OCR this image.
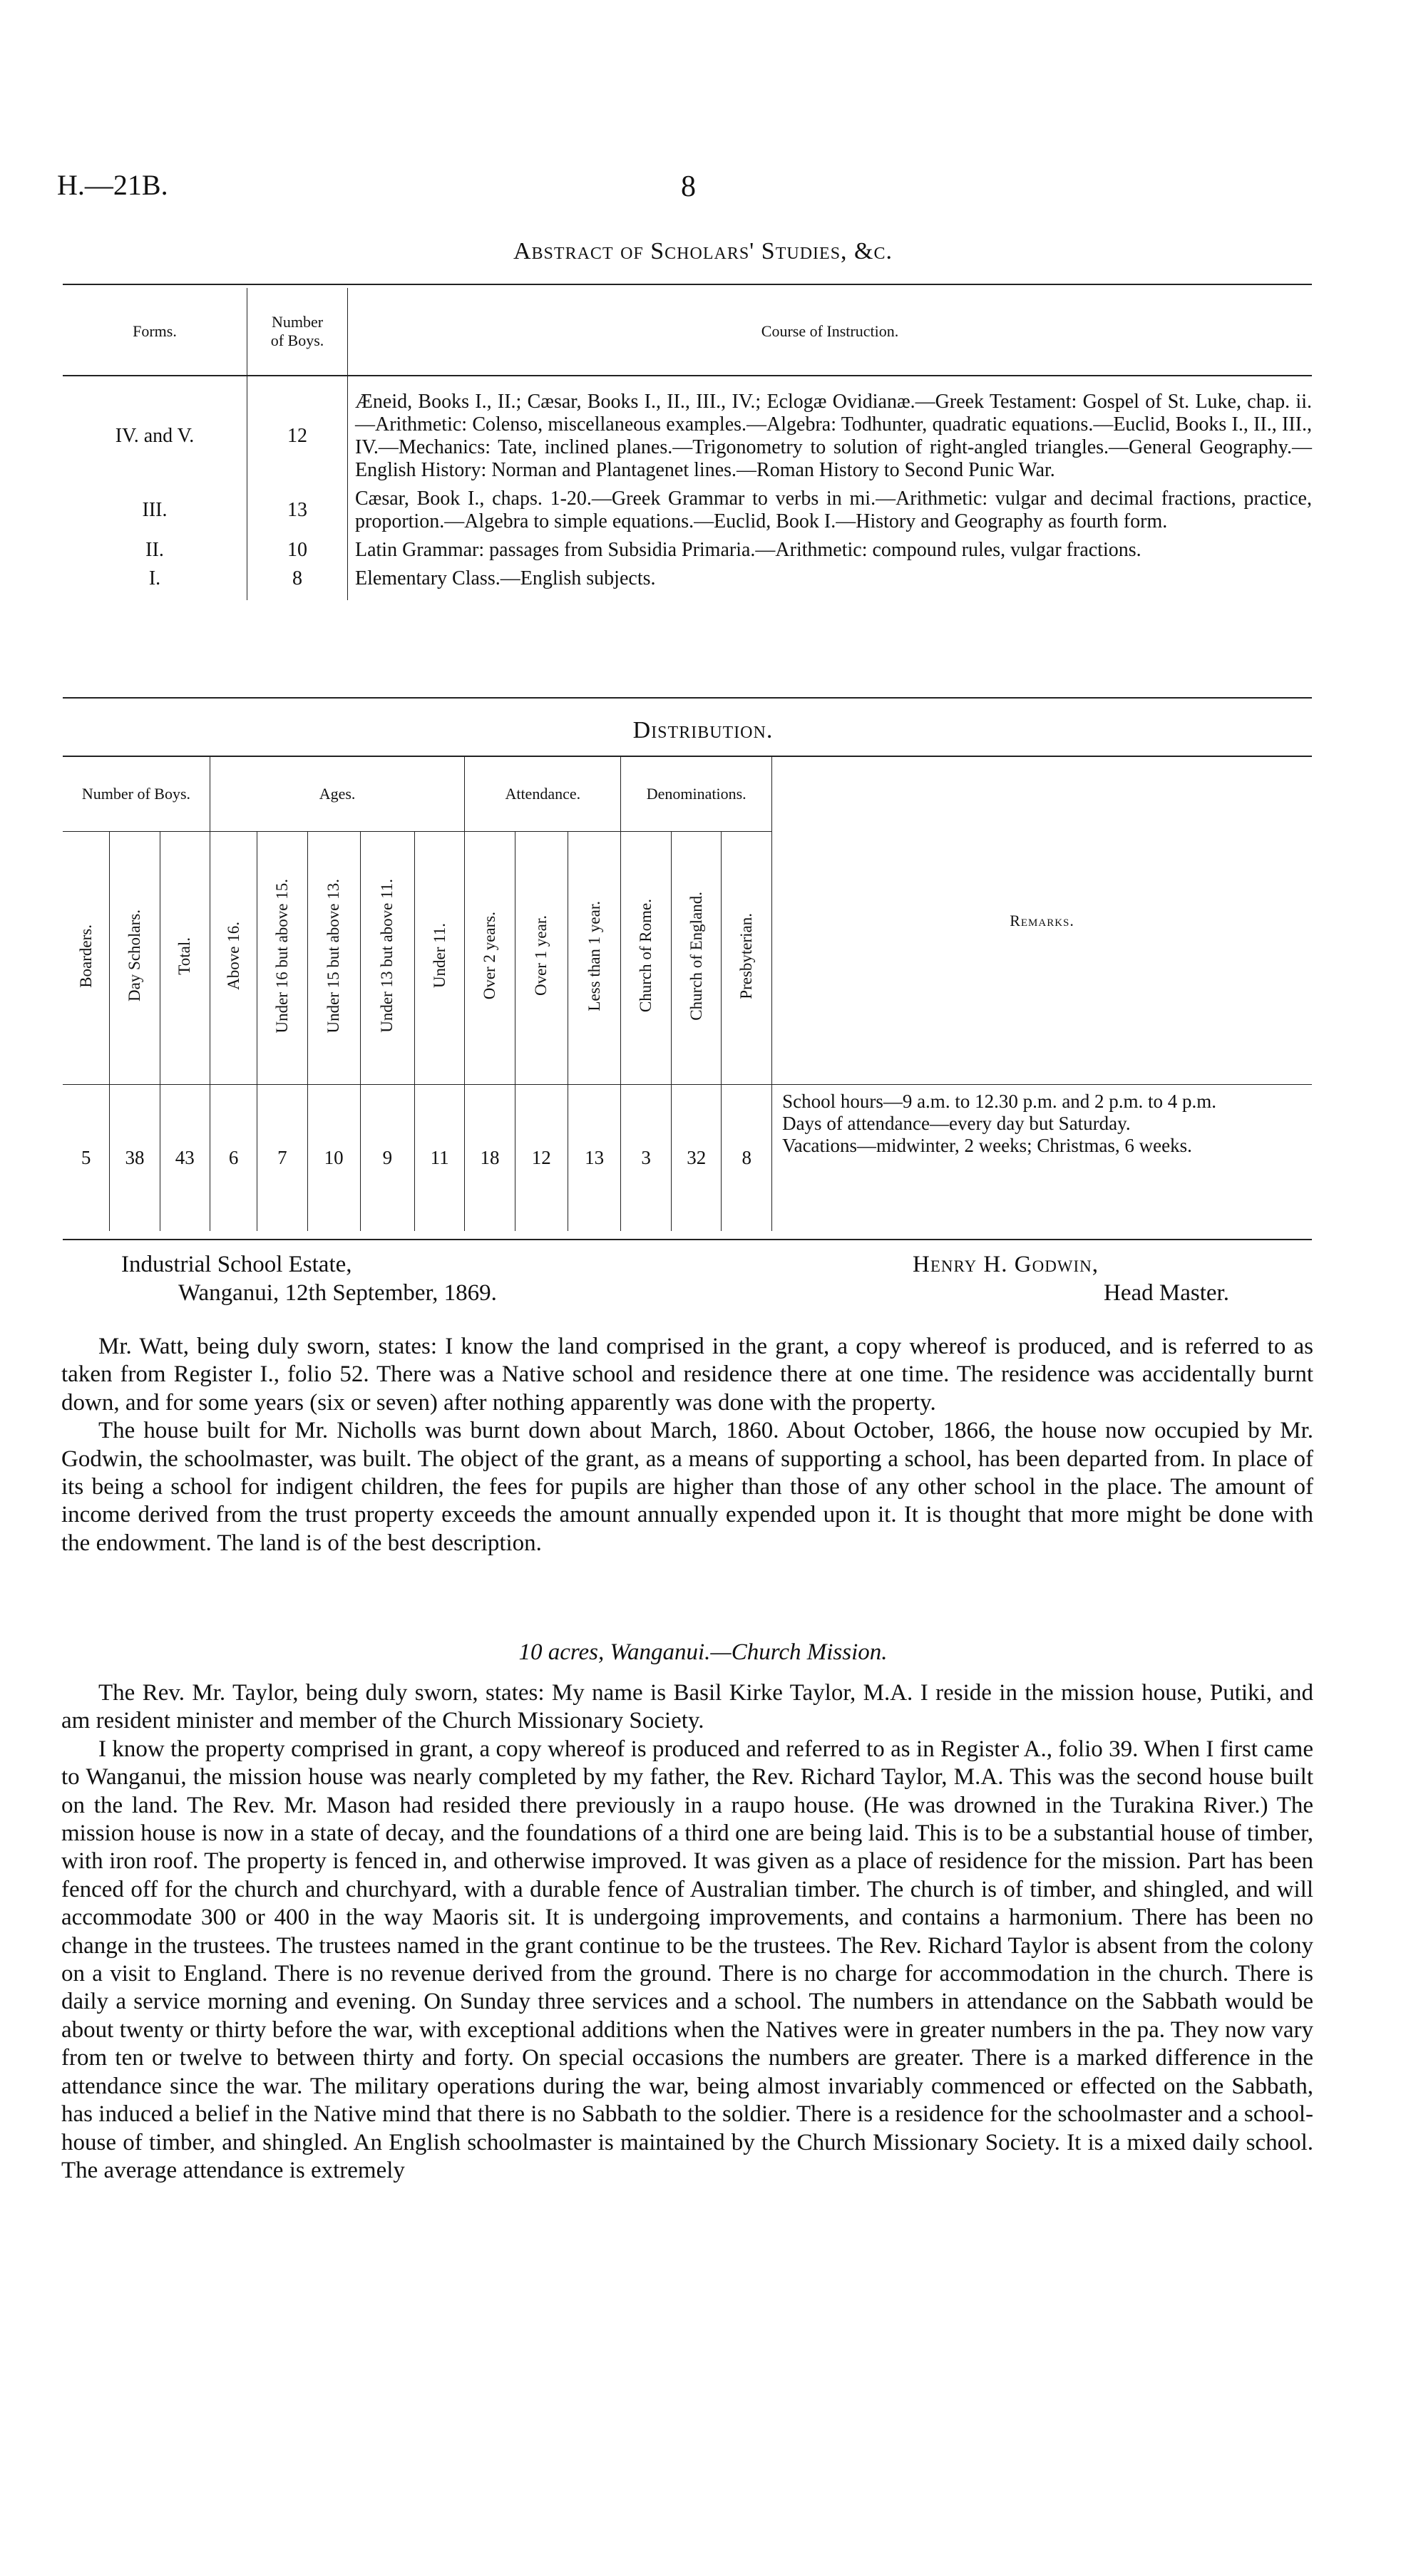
H.—21B.	8
Abstract of Scholars' Studies, &c.
Forms.	Number of Boys.	Course of Instruction.
IV. and V.	12	Æneid, Books I., II.; Cæsar, Books I., II., III., IV.; Eclogæ Ovidianæ.—Greek Testament: Gospel of St. Luke, chap. ii.—Arithmetic: Colenso, miscellaneous examples.—Algebra: Todhunter, quadratic equations.—Euclid, Books I., II., III., IV.—Mechanics: Tate, inclined planes.—Trigonometry to solution of right-angled triangles.—General Geography.—English History: Norman and Plantagenet lines.—Roman History to Second Punic War.
III.	13	Cæsar, Book I., chaps. 1-20.—Greek Grammar to verbs in mi.—Arithmetic: vulgar and decimal fractions, practice, proportion.—Algebra to simple equations.—Euclid, Book I.—History and Geography as fourth form.
II.	10	Latin Grammar: passages from Subsidia Primaria.—Arithmetic: compound rules, vulgar fractions.
I.	8	Elementary Class.—English subjects.
Distribution.
Number of Boys.			Ages.					Attendance.			Denominations.			Remarks.
Boarders.	Day Scholars.	Total.	Above 16.	Under 16 but above 15.	Under 15 but above 13.	Under 13 but above 11.	Under 11.	Over 2 years.	Over 1 year.	Less than 1 year.	Church of Rome.	Church of England.	Presbyterian.	
5	38	43	6	7	10	9	11	18	12	13	3	32	8	School hours—9 a.m. to 12.30 p.m. and 2 p.m. to 4 p.m.
Days of attendance—every day but Saturday.
Vacations—midwinter, 2 weeks; Christmas, 6 weeks.
Industrial School Estate,
Wanganui, 12th September, 1869.
Henry H. Godwin,
Head Master.

Mr. Watt, being duly sworn, states: I know the land comprised in the grant, a copy whereof is produced, and is referred to as taken from Register I., folio 52. There was a Native school and residence there at one time. The residence was accidentally burnt down, and for some years (six or seven) after nothing apparently was done with the property.

The house built for Mr. Nicholls was burnt down about March, 1860. About October, 1866, the house now occupied by Mr. Godwin, the schoolmaster, was built. The object of the grant, as a means of supporting a school, has been departed from. In place of its being a school for indigent children, the fees for pupils are higher than those of any other school in the place. The amount of income derived from the trust property exceeds the amount annually expended upon it. It is thought that more might be done with the endowment. The land is of the best description.

10 acres, Wanganui.—Church Mission.

The Rev. Mr. Taylor, being duly sworn, states: My name is Basil Kirke Taylor, M.A. I reside in the mission house, Putiki, and am resident minister and member of the Church Missionary Society.

I know the property comprised in grant, a copy whereof is produced and referred to as in Register A., folio 39. When I first came to Wanganui, the mission house was nearly completed by my father, the Rev. Richard Taylor, M.A. This was the second house built on the land. The Rev. Mr. Mason had resided there previously in a raupo house. (He was drowned in the Turakina River.) The mission house is now in a state of decay, and the foundations of a third one are being laid. This is to be a substantial house of timber, with iron roof. The property is fenced in, and otherwise improved. It was given as a place of residence for the mission. Part has been fenced off for the church and churchyard, with a durable fence of Australian timber. The church is of timber, and shingled, and will accommodate 300 or 400 in the way Maoris sit. It is undergoing improvements, and contains a harmonium. There has been no change in the trustees. The trustees named in the grant continue to be the trustees. The Rev. Richard Taylor is absent from the colony on a visit to England. There is no revenue derived from the ground. There is no charge for accommodation in the church. There is daily a service morning and evening. On Sunday three services and a school. The numbers in attendance on the Sabbath would be about twenty or thirty before the war, with exceptional additions when the Natives were in greater numbers in the pa. They now vary from ten or twelve to between thirty and forty. On special occasions the numbers are greater. There is a marked difference in the attendance since the war. The military operations during the war, being almost invariably commenced or effected on the Sabbath, has induced a belief in the Native mind that there is no Sabbath to the soldier. There is a residence for the schoolmaster and a school-house of timber, and shingled. An English schoolmaster is maintained by the Church Missionary Society. It is a mixed daily school. The average attendance is extremely
